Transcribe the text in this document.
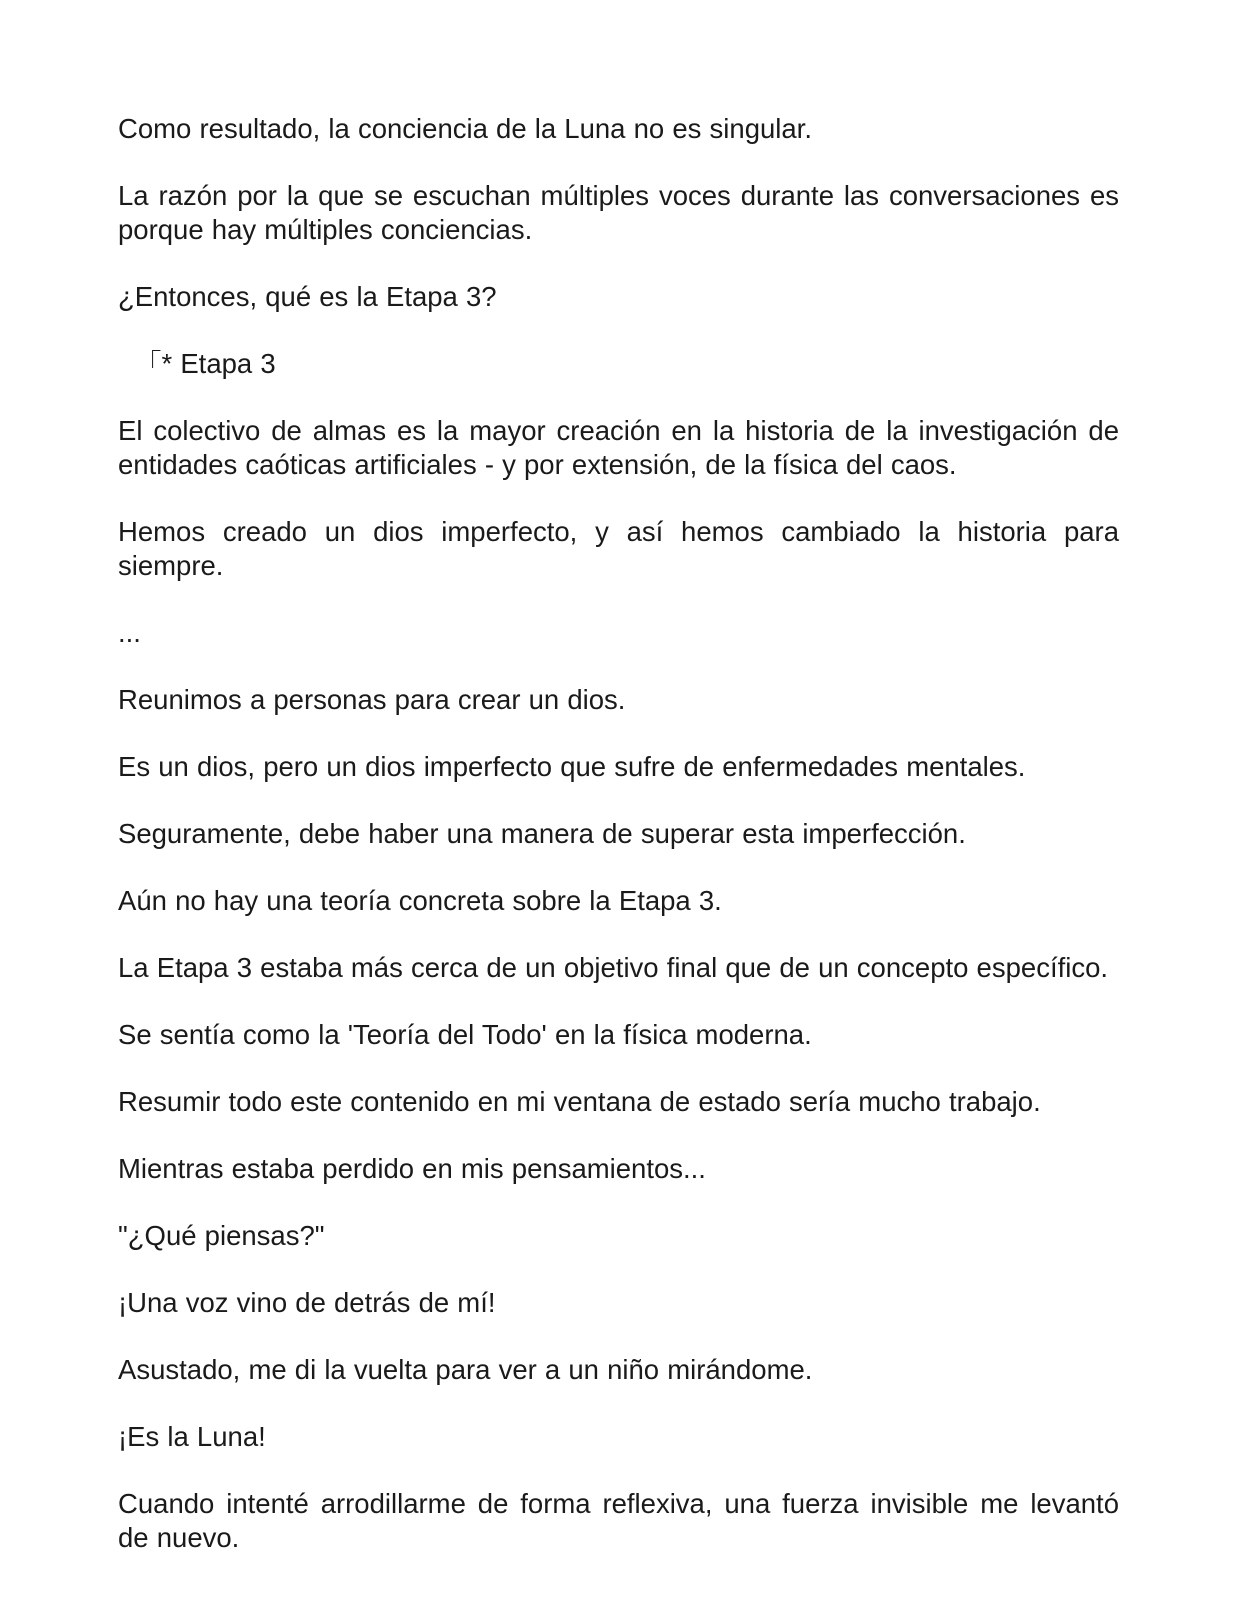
Como resultado, la conciencia de la Luna no es singular.

La razón por la que se escuchan múltiples voces durante las conversaciones es porque hay múltiples conciencias.

¿Entonces, qué es la Etapa 3?

「* Etapa 3

El colectivo de almas es la mayor creación en la historia de la investigación de entidades caóticas artificiales - y por extensión, de la física del caos.

Hemos creado un dios imperfecto, y así hemos cambiado la historia para siempre.

...

Reunimos a personas para crear un dios.

Es un dios, pero un dios imperfecto que sufre de enfermedades mentales.

Seguramente, debe haber una manera de superar esta imperfección.

Aún no hay una teoría concreta sobre la Etapa 3.

La Etapa 3 estaba más cerca de un objetivo final que de un concepto específico.

Se sentía como la 'Teoría del Todo' en la física moderna.

Resumir todo este contenido en mi ventana de estado sería mucho trabajo.

Mientras estaba perdido en mis pensamientos...

"¿Qué piensas?"

¡Una voz vino de detrás de mí!

Asustado, me di la vuelta para ver a un niño mirándome.

¡Es la Luna!

Cuando intenté arrodillarme de forma reflexiva, una fuerza invisible me levantó de nuevo.
